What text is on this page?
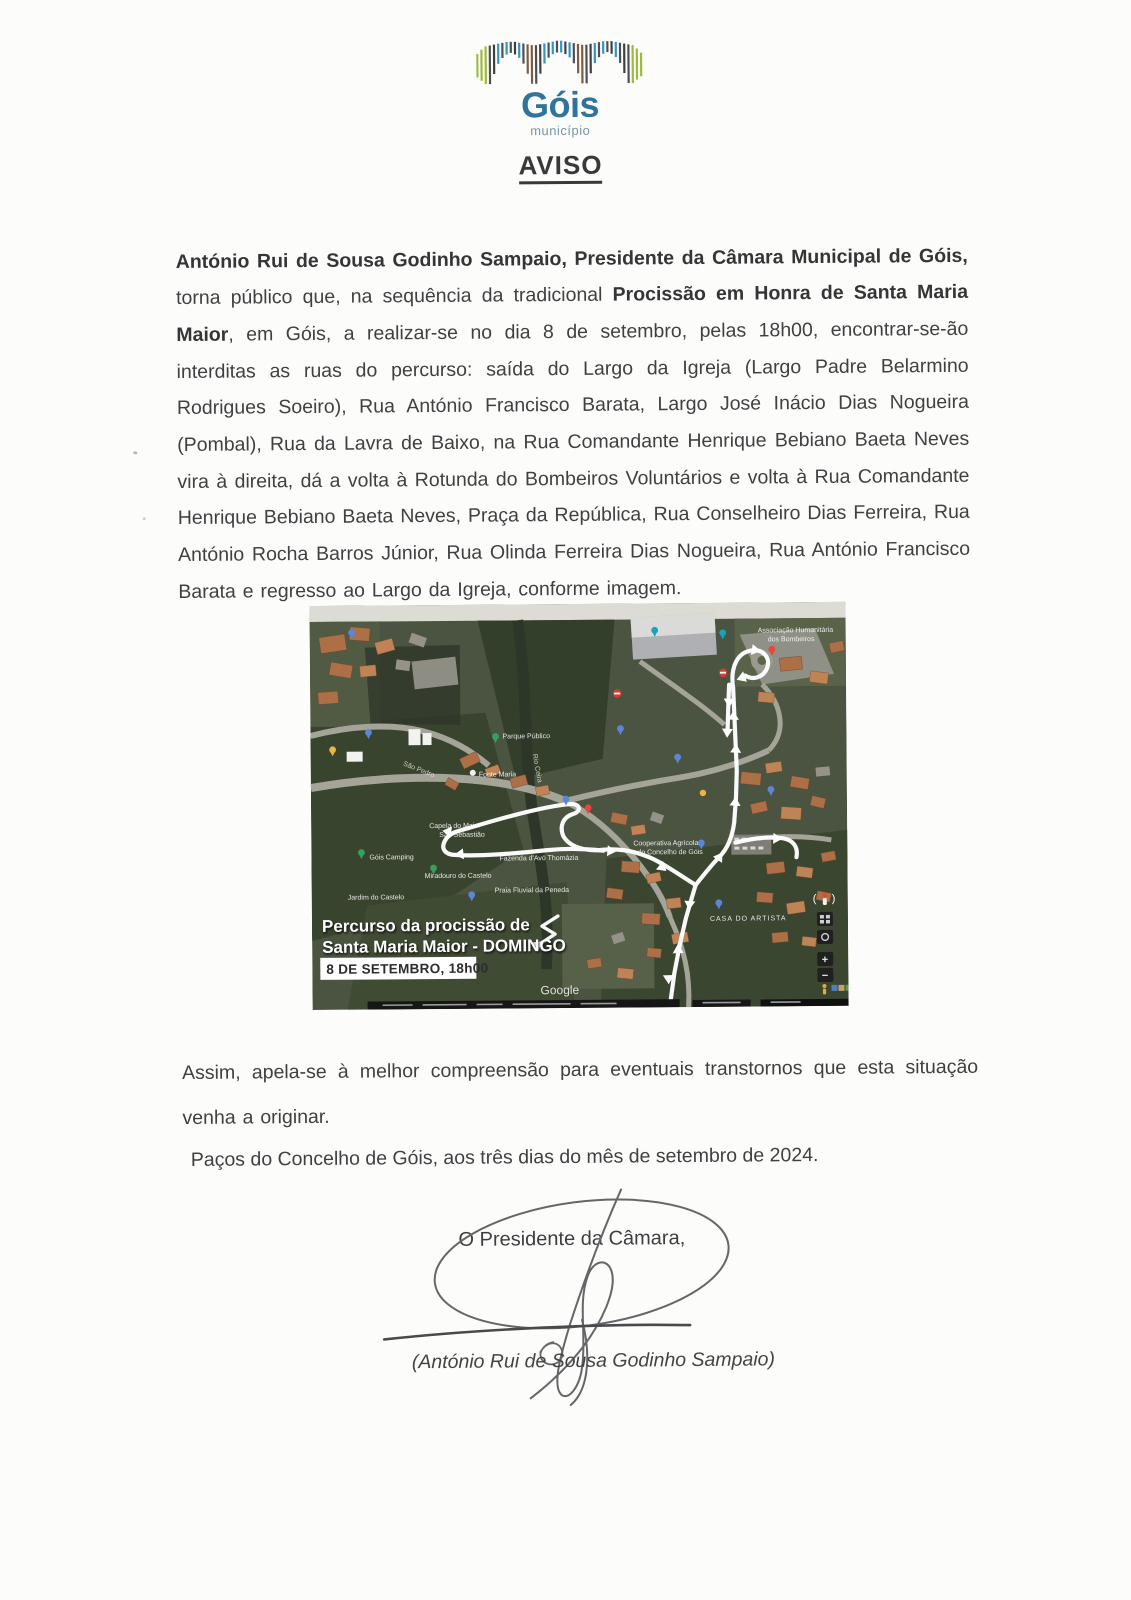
Góis
município
AVISO

António Rui de Sousa Godinho Sampaio, Presidente da Câmara Municipal de Góis, torna público que, na sequência da tradicional Procissão em Honra de Santa Maria Maior, em Góis, a realizar-se no dia 8 de setembro, pelas 18h00, encontrar-se-ão interditas as ruas do percurso: saída do Largo da Igreja (Largo Padre Belarmino Rodrigues Soeiro), Rua António Francisco Barata, Largo José Inácio Dias Nogueira (Pombal), Rua da Lavra de Baixo, na Rua Comandante Henrique Bebiano Baeta Neves vira à direita, dá a volta à Rotunda do Bombeiros Voluntários e volta à Rua Comandante Henrique Bebiano Baeta Neves, Praça da República, Rua Conselheiro Dias Ferreira, Rua António Rocha Barros Júnior, Rua Olinda Ferreira Dias Nogueira, Rua António Francisco Barata e regresso ao Largo da Igreja, conforme imagem.

Fonte Maria
Capela do Maior
São Sebastião
Fazenda d'Avó Thomázia
Góis Camping
Miradouro do Castelo
Praia Fluvial da Peneda
Cooperativa Agrícola
do Concelho de Góis
CASA DO ARTISTA
Jardim do Castelo
Rio Ceira
São Pedro
Associação Humanitária
dos Bombeiros
Parque Público
Percurso da procissão de
Santa Maria Maior - DOMINGO
8 DE SETEMBRO, 18h00
Google
( )
+
−

Assim, apela-se à melhor compreensão para eventuais transtornos que esta situação venha a originar.

Paços do Concelho de Góis, aos três dias do mês de setembro de 2024.

O Presidente da Câmara,
(António Rui de Sousa Godinho Sampaio)
